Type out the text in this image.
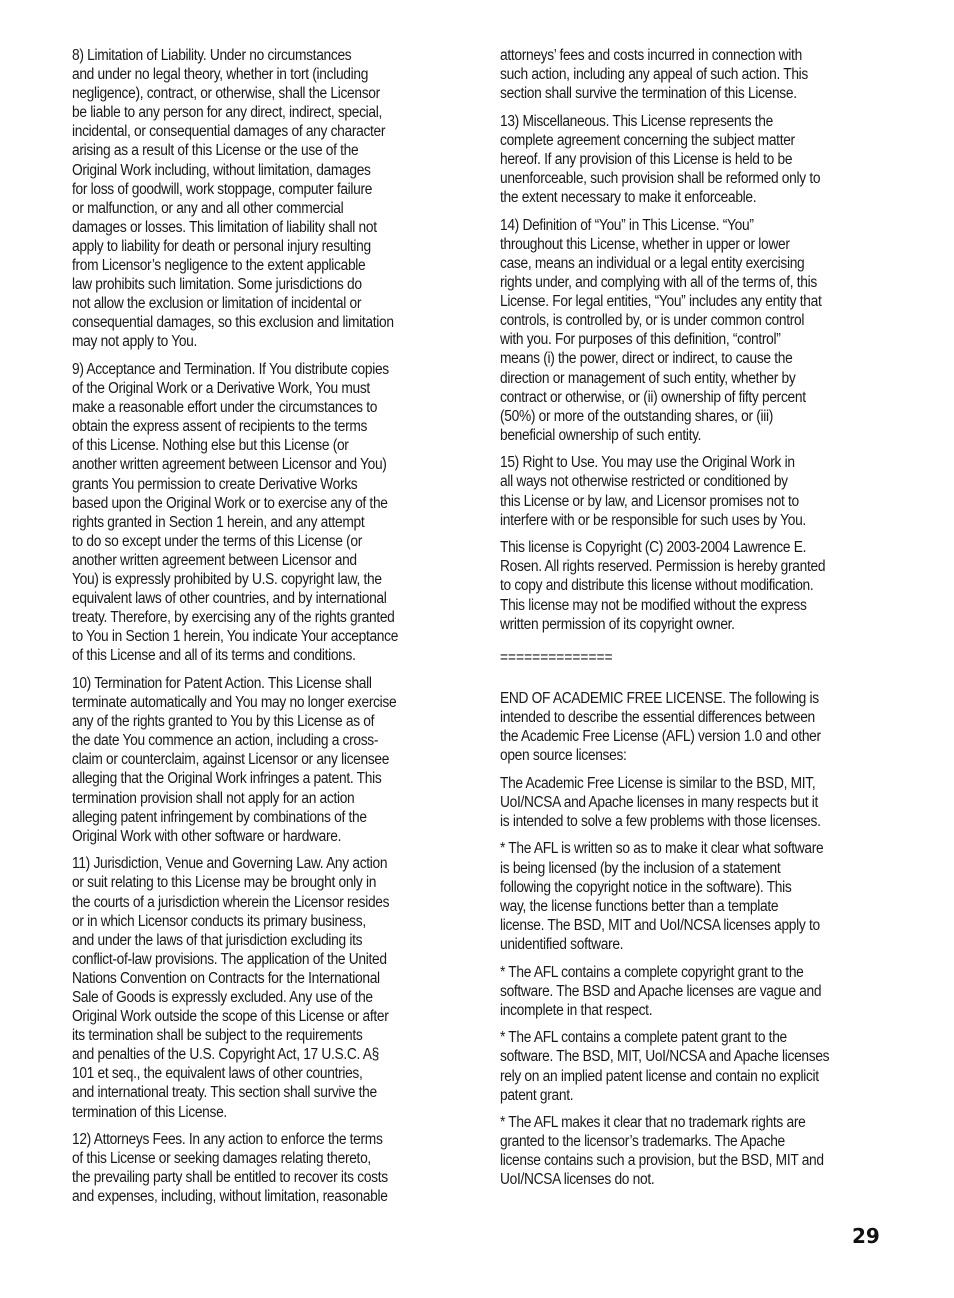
8) Limitation of Liability. Under no circumstances
and under no legal theory, whether in tort (including
negligence), contract, or otherwise, shall the Licensor
be liable to any person for any direct, indirect, special,
incidental, or consequential damages of any character
arising as a result of this License or the use of the
Original Work including, without limitation, damages
for loss of goodwill, work stoppage, computer failure
or malfunction, or any and all other commercial
damages or losses. This limitation of liability shall not
apply to liability for death or personal injury resulting
from Licensor’s negligence to the extent applicable
law prohibits such limitation. Some jurisdictions do
not allow the exclusion or limitation of incidental or
consequential damages, so this exclusion and limitation
may not apply to You.

9) Acceptance and Termination. If You distribute copies
of the Original Work or a Derivative Work, You must
make a reasonable effort under the circumstances to
obtain the express assent of recipients to the terms
of this License. Nothing else but this License (or
another written agreement between Licensor and You)
grants You permission to create Derivative Works
based upon the Original Work or to exercise any of the
rights granted in Section 1 herein, and any attempt
to do so except under the terms of this License (or
another written agreement between Licensor and
You) is expressly prohibited by U.S. copyright law, the
equivalent laws of other countries, and by international
treaty. Therefore, by exercising any of the rights granted
to You in Section 1 herein, You indicate Your acceptance
of this License and all of its terms and conditions.

10) Termination for Patent Action. This License shall
terminate automatically and You may no longer exercise
any of the rights granted to You by this License as of
the date You commence an action, including a cross-
claim or counterclaim, against Licensor or any licensee
alleging that the Original Work infringes a patent. This
termination provision shall not apply for an action
alleging patent infringement by combinations of the
Original Work with other software or hardware.

11) Jurisdiction, Venue and Governing Law. Any action
or suit relating to this License may be brought only in
the courts of a jurisdiction wherein the Licensor resides
or in which Licensor conducts its primary business,
and under the laws of that jurisdiction excluding its
conflict-of-law provisions. The application of the United
Nations Convention on Contracts for the International
Sale of Goods is expressly excluded. Any use of the
Original Work outside the scope of this License or after
its termination shall be subject to the requirements
and penalties of the U.S. Copyright Act, 17 U.S.C. A§
101 et seq., the equivalent laws of other countries,
and international treaty. This section shall survive the
termination of this License.

12) Attorneys Fees. In any action to enforce the terms
of this License or seeking damages relating thereto,
the prevailing party shall be entitled to recover its costs
and expenses, including, without limitation, reasonable

attorneys’ fees and costs incurred in connection with
such action, including any appeal of such action. This
section shall survive the termination of this License.

13) Miscellaneous. This License represents the
complete agreement concerning the subject matter
hereof. If any provision of this License is held to be
unenforceable, such provision shall be reformed only to
the extent necessary to make it enforceable.

14) Definition of “You” in This License. “You”
throughout this License, whether in upper or lower
case, means an individual or a legal entity exercising
rights under, and complying with all of the terms of, this
License. For legal entities, “You” includes any entity that
controls, is controlled by, or is under common control
with you. For purposes of this definition, “control”
means (i) the power, direct or indirect, to cause the
direction or management of such entity, whether by
contract or otherwise, or (ii) ownership of fifty percent
(50%) or more of the outstanding shares, or (iii)
beneficial ownership of such entity.

15) Right to Use. You may use the Original Work in
all ways not otherwise restricted or conditioned by
this License or by law, and Licensor promises not to
interfere with or be responsible for such uses by You.

This license is Copyright (C) 2003-2004 Lawrence E.
Rosen. All rights reserved. Permission is hereby granted
to copy and distribute this license without modification.
This license may not be modified without the express
written permission of its copyright owner.

==============

END OF ACADEMIC FREE LICENSE. The following is
intended to describe the essential differences between
the Academic Free License (AFL) version 1.0 and other
open source licenses:

The Academic Free License is similar to the BSD, MIT,
UoI/NCSA and Apache licenses in many respects but it
is intended to solve a few problems with those licenses.

* The AFL is written so as to make it clear what software
is being licensed (by the inclusion of a statement
following the copyright notice in the software). This
way, the license functions better than a template
license. The BSD, MIT and UoI/NCSA licenses apply to
unidentified software.

* The AFL contains a complete copyright grant to the
software. The BSD and Apache licenses are vague and
incomplete in that respect.

* The AFL contains a complete patent grant to the
software. The BSD, MIT, UoI/NCSA and Apache licenses
rely on an implied patent license and contain no explicit
patent grant.

* The AFL makes it clear that no trademark rights are
granted to the licensor’s trademarks. The Apache
license contains such a provision, but the BSD, MIT and
UoI/NCSA licenses do not.

29
